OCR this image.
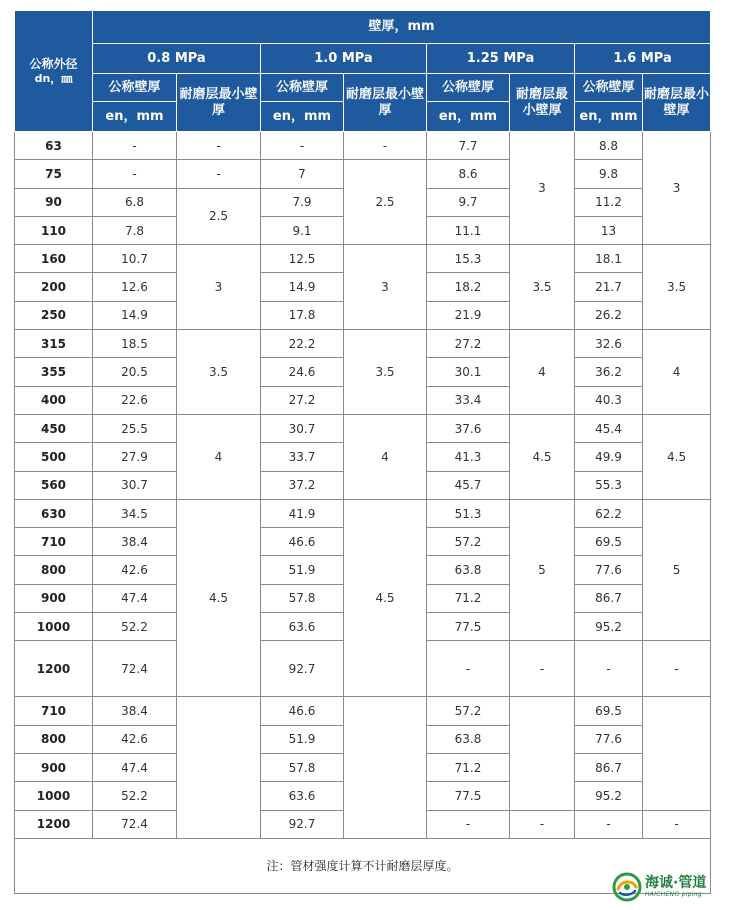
公称外径
dn，㎜	壁厚，mm							
	0.8 MPa		1.0 MPa		1.25 MPa		1.6 MPa	
	公称壁厚	耐磨层最小壁厚	公称壁厚	耐磨层最小壁厚	公称壁厚	耐磨层最小壁厚	公称壁厚	耐磨层最小壁厚
	en，mm		en，mm		en，mm		en，mm	
63	-	-	-	-	7.7	3	8.8	3
75	-	-	7	2.5	8.6		9.8	
90	6.8	2.5	7.9		9.7		11.2	
110	7.8		9.1		11.1		13	
160	10.7	3	12.5	3	15.3	3.5	18.1	3.5
200	12.6		14.9		18.2		21.7	
250	14.9		17.8		21.9		26.2	
315	18.5	3.5	22.2	3.5	27.2	4	32.6	4
355	20.5		24.6		30.1		36.2	
400	22.6		27.2		33.4		40.3	
450	25.5	4	30.7	4	37.6	4.5	45.4	4.5
500	27.9		33.7		41.3		49.9	
560	30.7		37.2		45.7		55.3	
630	34.5	4.5	41.9	4.5	51.3	5	62.2	5
710	38.4		46.6		57.2		69.5	
800	42.6		51.9		63.8		77.6	
900	47.4		57.8		71.2		86.7	
1000	52.2		63.6		77.5		95.2	
1200	72.4		92.7		-	-	-	-
710	38.4		46.6		57.2		69.5	
800	42.6		51.9		63.8		77.6	
900	47.4		57.8		71.2		86.7	
1000	52.2		63.6		77.5		95.2	
1200	72.4		92.7		-	-	-	-
注：管材强度计算不计耐磨层厚度。								
海诚·管道
HAICHENG piping
